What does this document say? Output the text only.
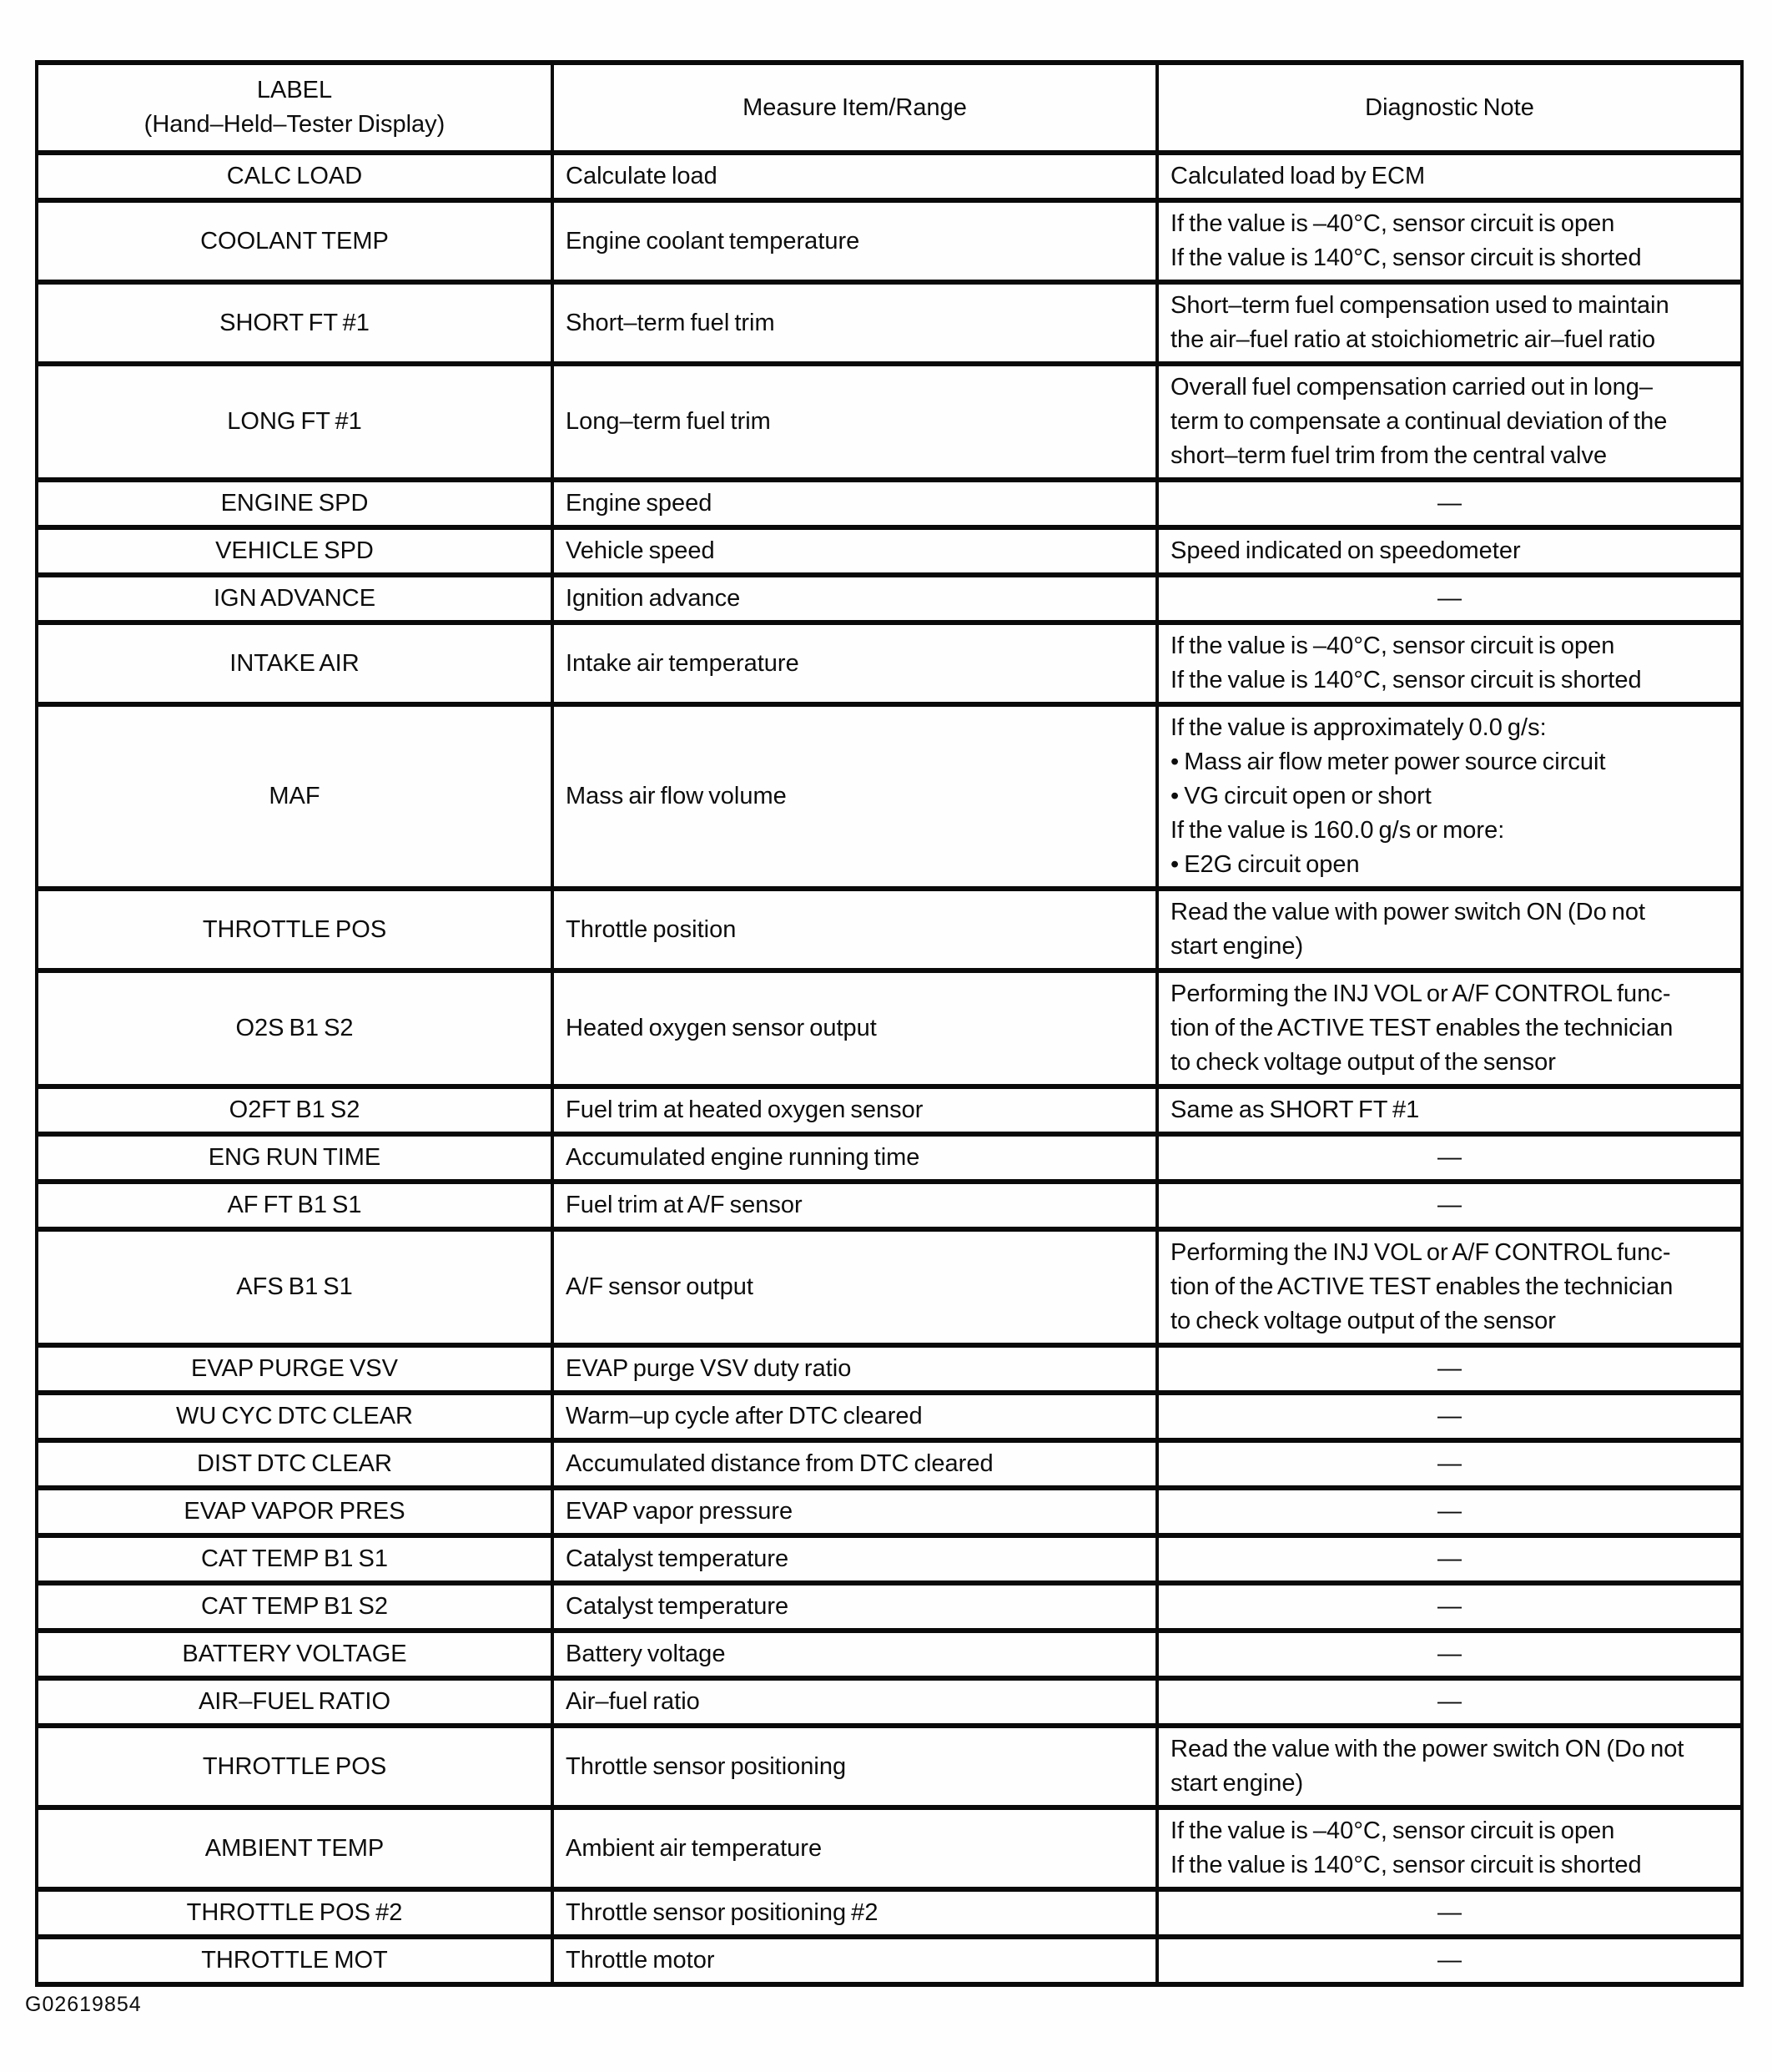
LABEL
(Hand–Held–Tester Display)	Measure Item/Range	Diagnostic Note
CALC LOAD	Calculate load	Calculated load by ECM

COOLANT TEMP	Engine coolant temperature	If the value is –40°C, sensor circuit is open
If the value is 140°C, sensor circuit is shorted

SHORT FT #1	Short–term fuel trim	Short–term fuel compensation used to maintain
the air–fuel ratio at stoichiometric air–fuel ratio

LONG FT #1	Long–term fuel trim	Overall fuel compensation carried out in long–
term to compensate a continual deviation of the
short–term fuel trim from the central valve

ENGINE SPD	Engine speed	—

VEHICLE SPD	Vehicle speed	Speed indicated on speedometer

IGN ADVANCE	Ignition advance	—

INTAKE AIR	Intake air temperature	If the value is –40°C, sensor circuit is open
If the value is 140°C, sensor circuit is shorted

MAF	Mass air flow volume	If the value is approximately 0.0 g/s:
• Mass air flow meter power source circuit
• VG circuit open or short
If the value is 160.0 g/s or more:
• E2G circuit open

THROTTLE POS	Throttle position	Read the value with power switch ON (Do not
start engine)

O2S B1 S2	Heated oxygen sensor output	Performing the INJ VOL or A/F CONTROL func-
tion of the ACTIVE TEST enables the technician
to check voltage output of the sensor

O2FT B1 S2	Fuel trim at heated oxygen sensor	Same as SHORT FT #1

ENG RUN TIME	Accumulated engine running time	—

AF FT B1 S1	Fuel trim at A/F sensor	—

AFS B1 S1	A/F sensor output	Performing the INJ VOL or A/F CONTROL func-
tion of the ACTIVE TEST enables the technician
to check voltage output of the sensor

EVAP PURGE VSV	EVAP purge VSV duty ratio	—

WU CYC DTC CLEAR	Warm–up cycle after DTC cleared	—

DIST DTC CLEAR	Accumulated distance from DTC cleared	—

EVAP VAPOR PRES	EVAP vapor pressure	—

CAT TEMP B1 S1	Catalyst temperature	—

CAT TEMP B1 S2	Catalyst temperature	—

BATTERY VOLTAGE	Battery voltage	—

AIR–FUEL RATIO	Air–fuel ratio	—

THROTTLE POS	Throttle sensor positioning	Read the value with the power switch ON (Do not
start engine)

AMBIENT TEMP	Ambient air temperature	If the value is –40°C, sensor circuit is open
If the value is 140°C, sensor circuit is shorted

THROTTLE POS #2	Throttle sensor positioning #2	—

THROTTLE MOT	Throttle motor	—
G02619854
